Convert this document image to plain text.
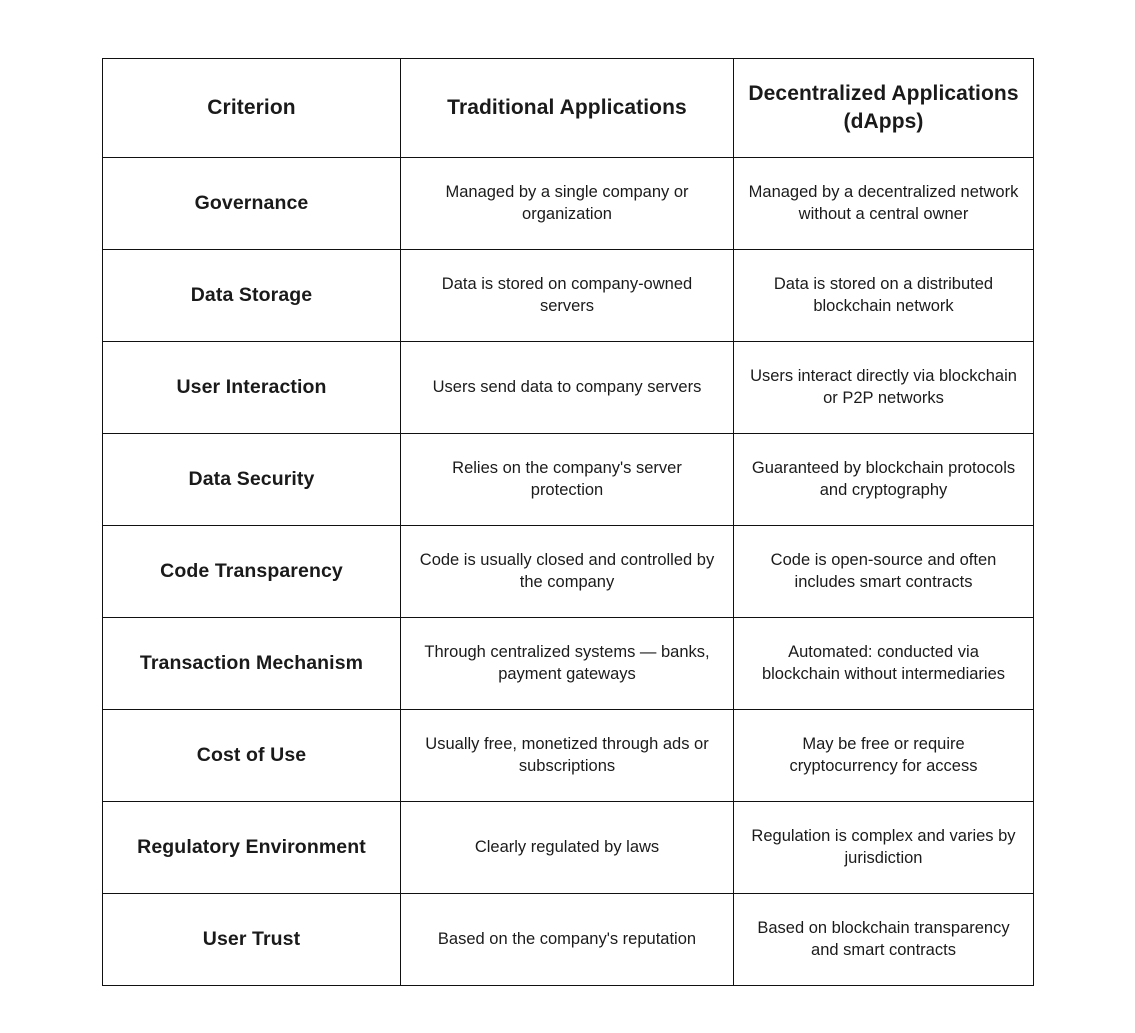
Criterion	Traditional Applications	Decentralized Applications (dApps)
Governance	Managed by a single company or organization	Managed by a decentralized network without a central owner
Data Storage	Data is stored on company-owned servers	Data is stored on a distributed blockchain network
User Interaction	Users send data to company servers	Users interact directly via blockchain or P2P networks
Data Security	Relies on the company's server protection	Guaranteed by blockchain protocols and cryptography
Code Transparency	Code is usually closed and controlled by the company	Code is open-source and often includes smart contracts
Transaction Mechanism	Through centralized systems — banks, payment gateways	Automated: conducted via blockchain without intermediaries
Cost of Use	Usually free, monetized through ads or subscriptions	May be free or require cryptocurrency for access
Regulatory Environment	Clearly regulated by laws	Regulation is complex and varies by jurisdiction
User Trust	Based on the company's reputation	Based on blockchain transparency and smart contracts
